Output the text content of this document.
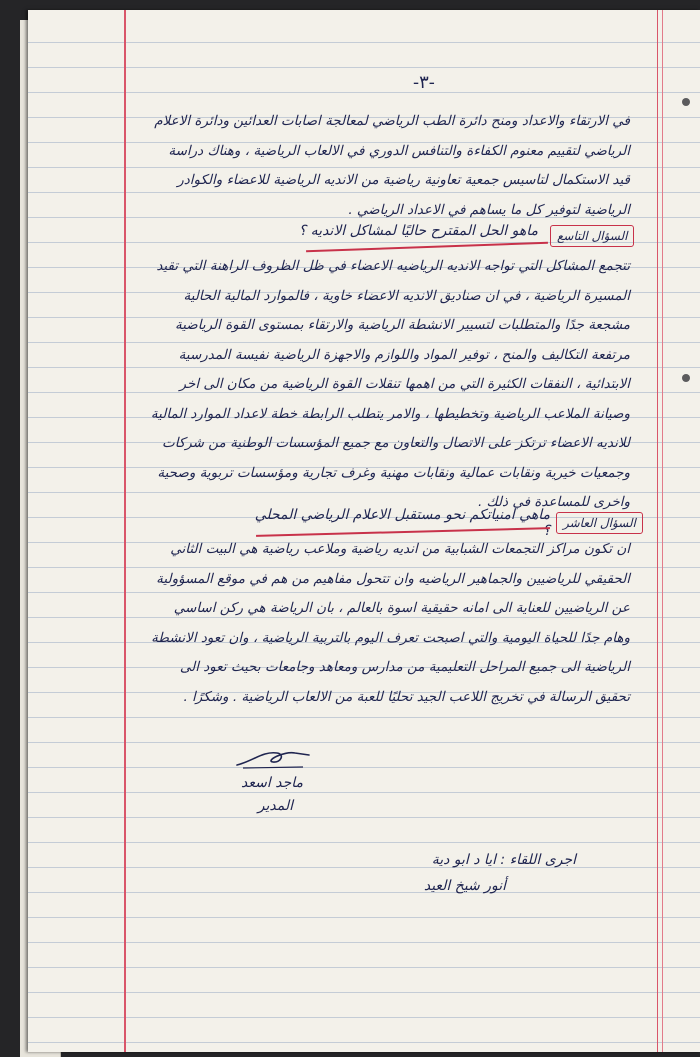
-٣-
في الارتقاء والاعداد ومنح دائرة الطب الرياضي لمعالجة اصابات العدائين ودائرة الاعلام الرياضي لتقييم معنوم الكفاءة والتنافس الدوري في الالعاب الرياضية ، وهناك دراسة قيد الاستكمال لتاسيس جمعية تعاونية رياضية من الانديه الرياضية للاعضاء والكوادر الرياضية لتوفير كل ما يساهم في الاعداد الرياضي .
السؤال التاسع
ماهو الحل المقترح حاليًا لمشاكل الانديه ؟
تتجمع المشاكل التي تواجه الانديه الرياضيه الاعضاء في ظل الظروف الراهنة التي تقيد المسيرة الرياضية ، في ان صناديق الانديه الاعضاء خاوية ، فالموارد المالية الحالية مشجعة جدًا والمتطلبات لتسيير الانشطة الرياضية والارتقاء بمستوى القوة الرياضية مرتفعة التكاليف والمنح ، توفير المواد واللوازم والاجهزة الرياضية نفيسة المدرسية الابتدائية ، النفقات الكثيرة التي من اهمها تنقلات القوة الرياضية من مكان الى اخر وصيانة الملاعب الرياضية وتخطيطها ، والامر يتطلب الرابطة خطة لاعداد الموارد المالية للانديه الاعضاء ترتكز على الاتصال والتعاون مع جميع المؤسسات الوطنية من شركات وجمعيات خيرية ونقابات عمالية ونقابات مهنية وغرف تجارية ومؤسسات تربوية وصحية واخرى للمساعدة في ذلك .
السؤال العاشر
ماهي امنياتكم نحو مستقبل الاعلام الرياضي المحلي ؟
ان تكون مراكز التجمعات الشبابية من انديه رياضية وملاعب رياضية هي البيت الثاني الحقيقي للرياضيين والجماهير الرياضيه وان تتحول مفاهيم من هم في موقع المسؤولية عن الرياضيين للعناية الى امانه حقيقية اسوة بالعالم ، بان الرياضة هي ركن اساسي وهام جدًا للحياة اليومية والتي اصبحت تعرف اليوم بالتربية الرياضية ، وان تعود الانشطة الرياضية الى جميع المراحل التعليمية من مدارس ومعاهد وجامعات بحيث تعود الى تحقيق الرسالة في تخريج اللاعب الجيد تحليًا للعبة من الالعاب الرياضية . وشكرًا .
ماجد اسعد
المدير
اجرى اللقاء : ايا د ابو دية
أنور شيخ العيد
